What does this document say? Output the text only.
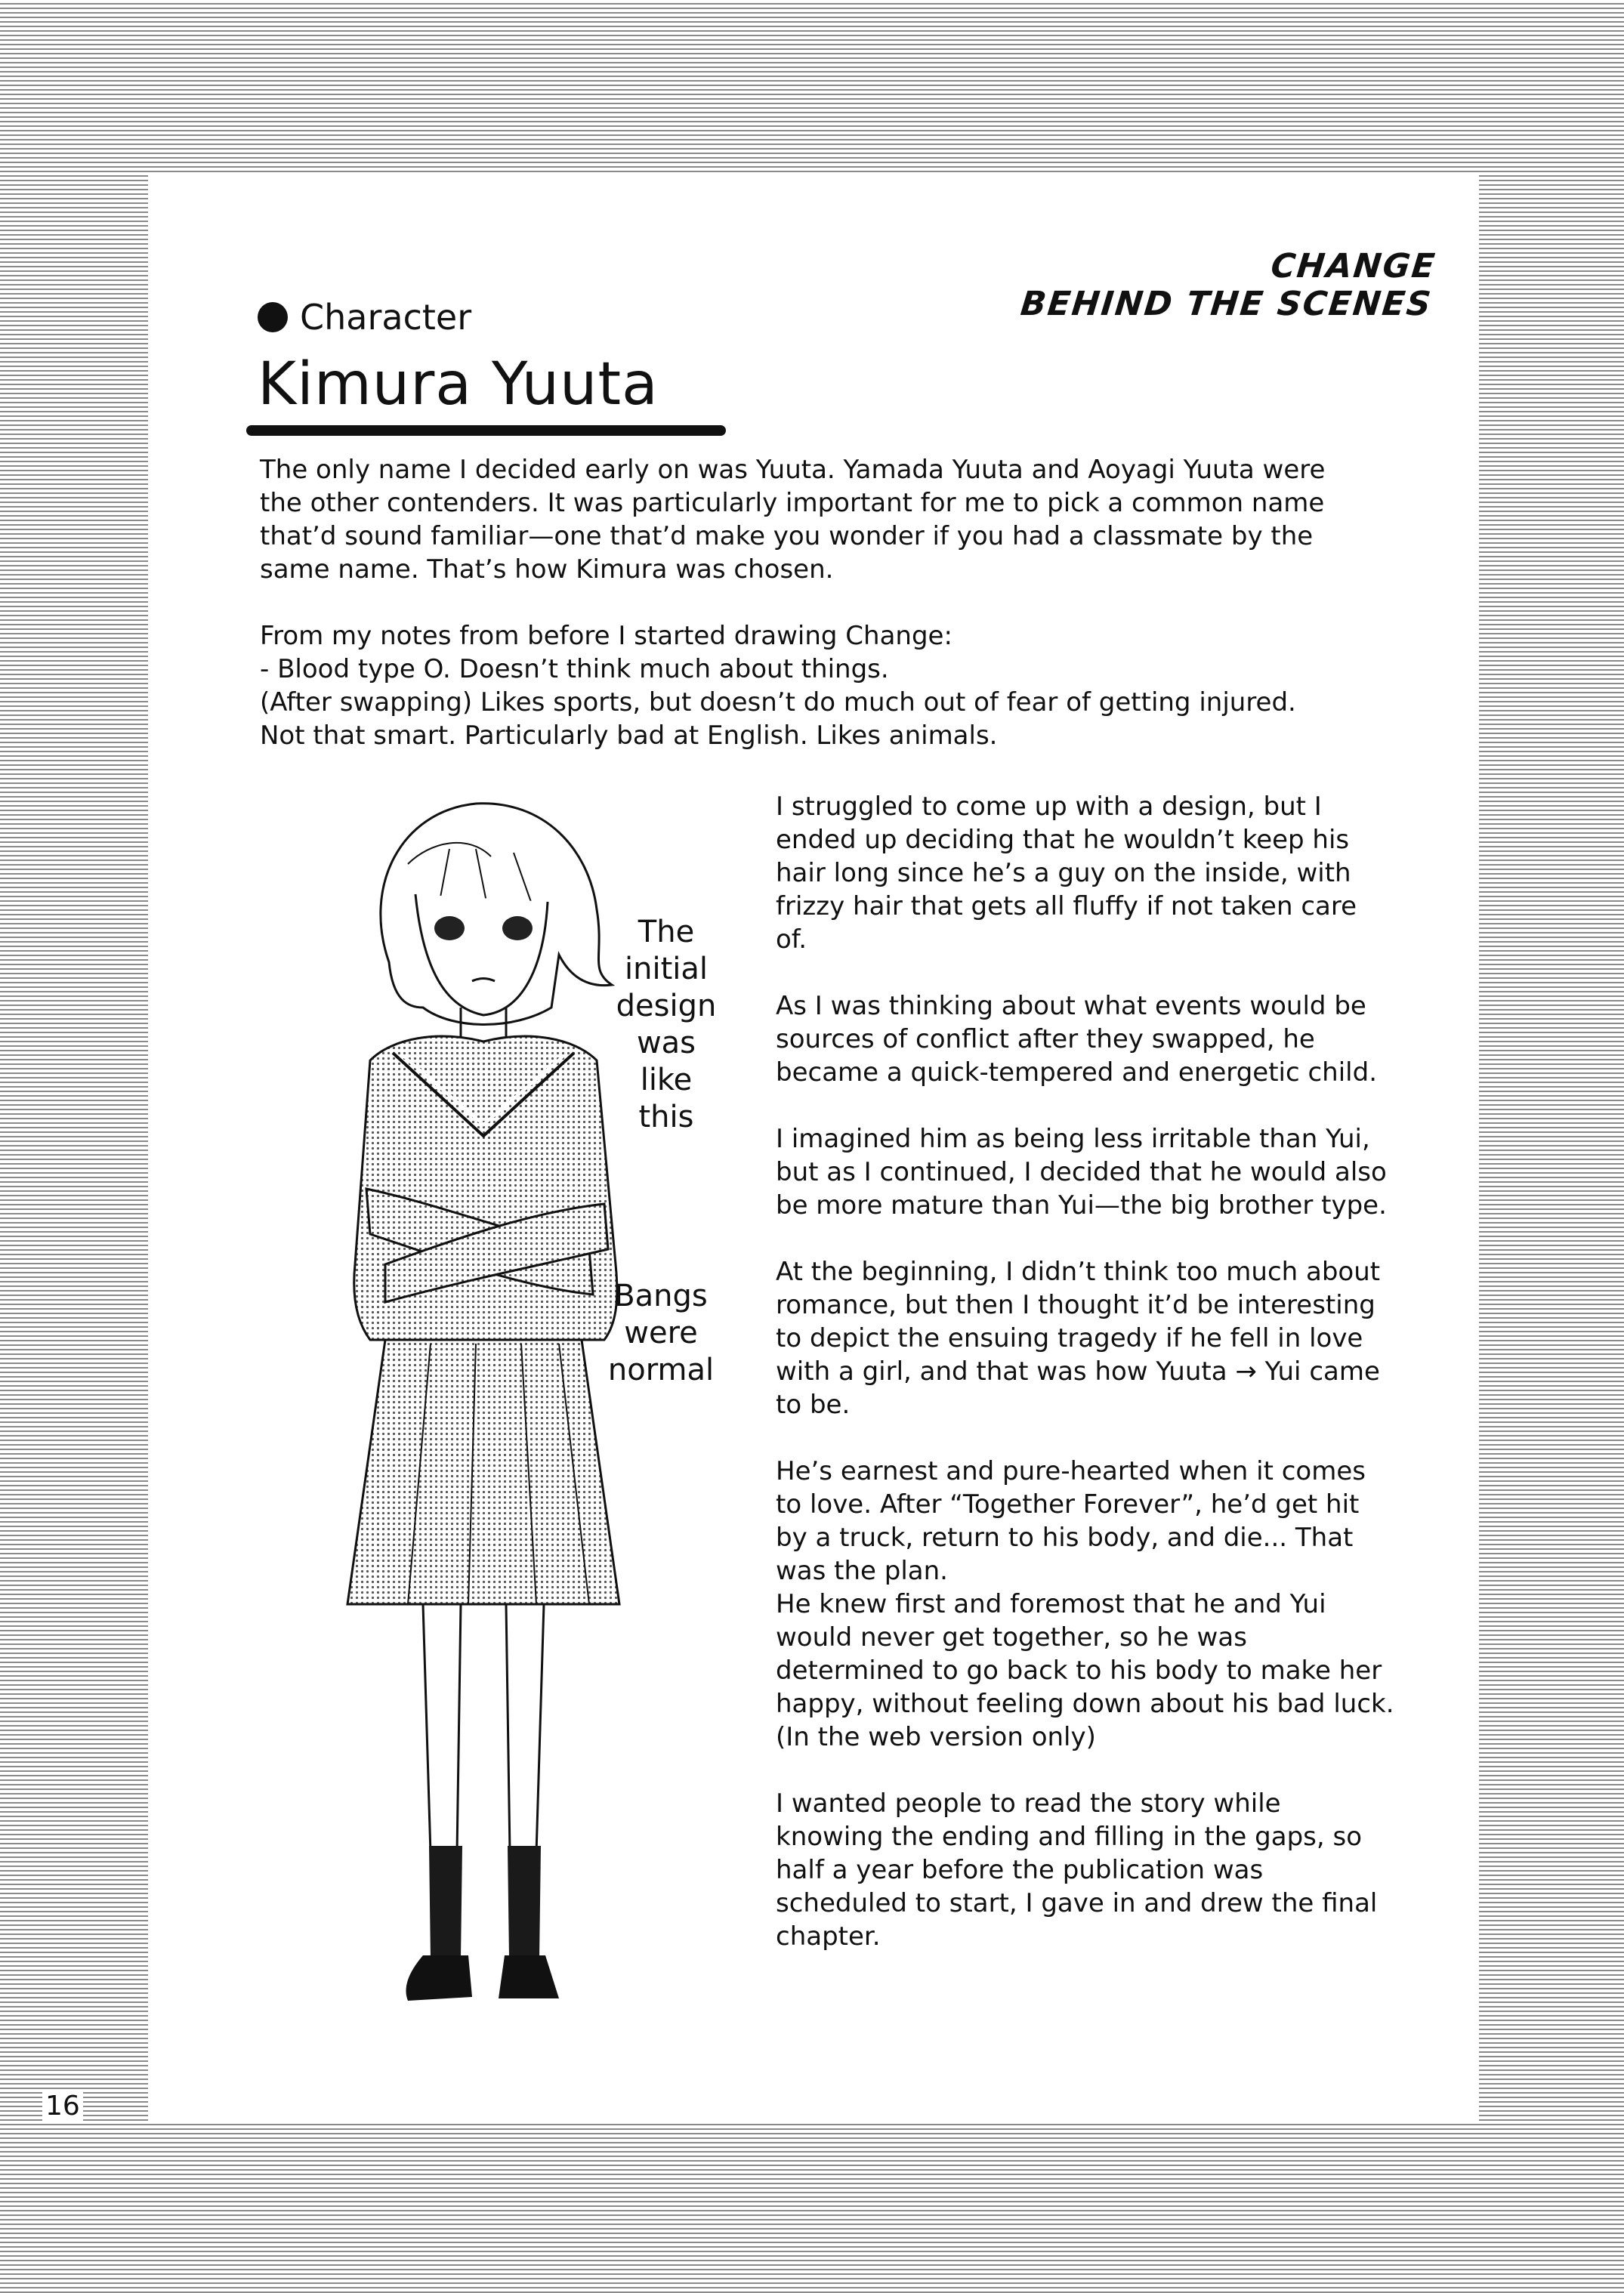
CHANGE
BEHIND THE SCENES
Character
Kimura Yuuta

The only name I decided early on was Yuuta. Yamada Yuuta and Aoyagi Yuuta were the other contenders. It was particularly important for me to pick a common name that’d sound familiar—one that’d make you wonder if you had a classmate by the same name. That’s how Kimura was chosen.

From my notes from before I started drawing Change:

- Blood type O. Doesn’t think much about things.

(After swapping) Likes sports, but doesn’t do much out of fear of getting injured. Not that smart. Particularly bad at English. Likes animals.

The
initial
design
was
like
this
Bangs
were
normal

I struggled to come up with a design, but I ended up deciding that he wouldn’t keep his hair long since he’s a guy on the inside, with frizzy hair that gets all fluffy if not taken care of.

As I was thinking about what events would be sources of conflict after they swapped, he became a quick-tempered and energetic child.

I imagined him as being less irritable than Yui, but as I continued, I decided that he would also be more mature than Yui—the big brother type.

At the beginning, I didn’t think too much about romance, but then I thought it’d be interesting to depict the ensuing tragedy if he fell in love with a girl, and that was how Yuuta → Yui came to be.

He’s earnest and pure-hearted when it comes to love. After “Together Forever”, he’d get hit by a truck, return to his body, and die... That was the plan.

He knew first and foremost that he and Yui would never get together, so he was determined to go back to his body to make her happy, without feeling down about his bad luck. (In the web version only)

I wanted people to read the story while knowing the ending and filling in the gaps, so half a year before the publication was scheduled to start, I gave in and drew the final chapter.

16
